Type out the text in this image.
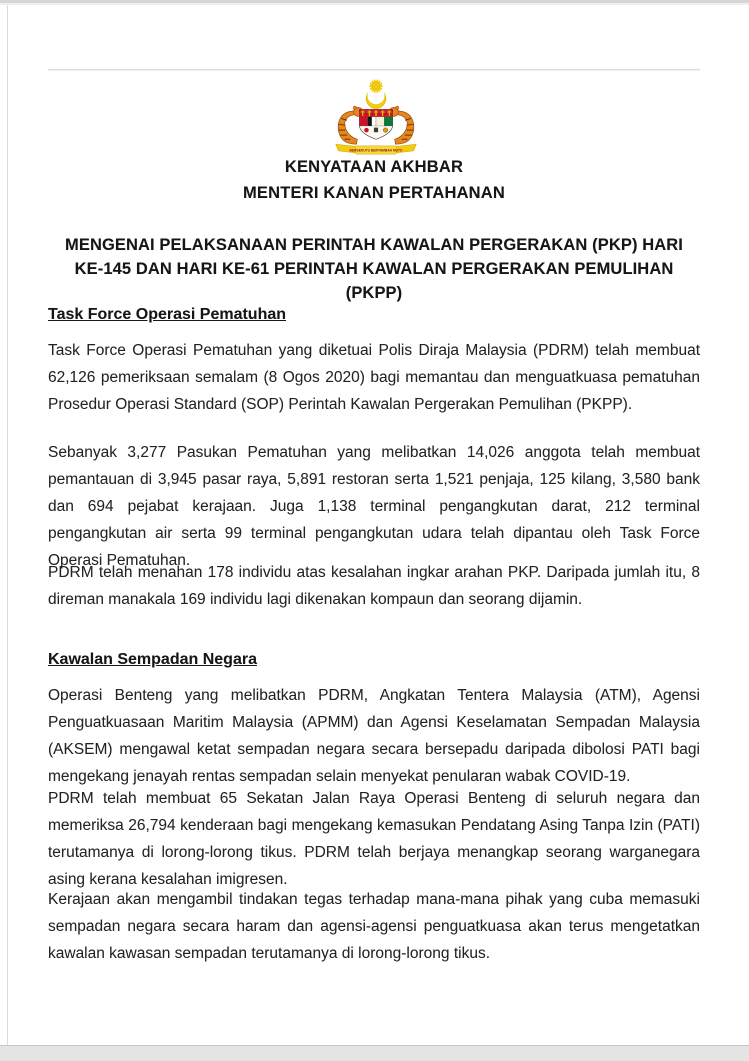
BERSEKUTU BERTAMBAH MUTU
KENYATAAN AKHBAR
MENTERI KANAN PERTAHANAN
MENGENAI PELAKSANAAN PERINTAH KAWALAN PERGERAKAN (PKP) HARI
KE-145 DAN HARI KE-61 PERINTAH KAWALAN PERGERAKAN PEMULIHAN (PKPP)
Task Force Operasi Pematuhan

Task Force Operasi Pematuhan yang diketuai Polis Diraja Malaysia (PDRM) telah membuat 62,126 pemeriksaan semalam (8 Ogos 2020) bagi memantau dan menguatkuasa pematuhan Prosedur Operasi Standard (SOP) Perintah Kawalan Pergerakan Pemulihan (PKPP).

Sebanyak 3,277 Pasukan Pematuhan yang melibatkan 14,026 anggota telah membuat pemantauan di 3,945 pasar raya, 5,891 restoran serta 1,521 penjaja, 125 kilang, 3,580 bank dan 694 pejabat kerajaan. Juga 1,138 terminal pengangkutan darat, 212 terminal pengangkutan air serta 99 terminal pengangkutan udara telah dipantau oleh Task Force Operasi Pematuhan.

PDRM telah menahan 178 individu atas kesalahan ingkar arahan PKP. Daripada jumlah itu, 8 direman manakala 169 individu lagi dikenakan kompaun dan seorang dijamin.

Kawalan Sempadan Negara

Operasi Benteng yang melibatkan PDRM, Angkatan Tentera Malaysia (ATM), Agensi Penguatkuasaan Maritim Malaysia (APMM) dan Agensi Keselamatan Sempadan Malaysia (AKSEM) mengawal ketat sempadan negara secara bersepadu daripada dibolosi PATI bagi mengekang jenayah rentas sempadan selain menyekat penularan wabak COVID-19.

PDRM telah membuat 65 Sekatan Jalan Raya Operasi Benteng di seluruh negara dan memeriksa 26,794 kenderaan bagi mengekang kemasukan Pendatang Asing Tanpa Izin (PATI) terutamanya di lorong-lorong tikus. PDRM telah berjaya menangkap seorang warganegara asing kerana kesalahan imigresen.

Kerajaan akan mengambil tindakan tegas terhadap mana-mana pihak yang cuba memasuki sempadan negara secara haram dan agensi-agensi penguatkuasa akan terus mengetatkan kawalan kawasan sempadan terutamanya di lorong-lorong tikus.
